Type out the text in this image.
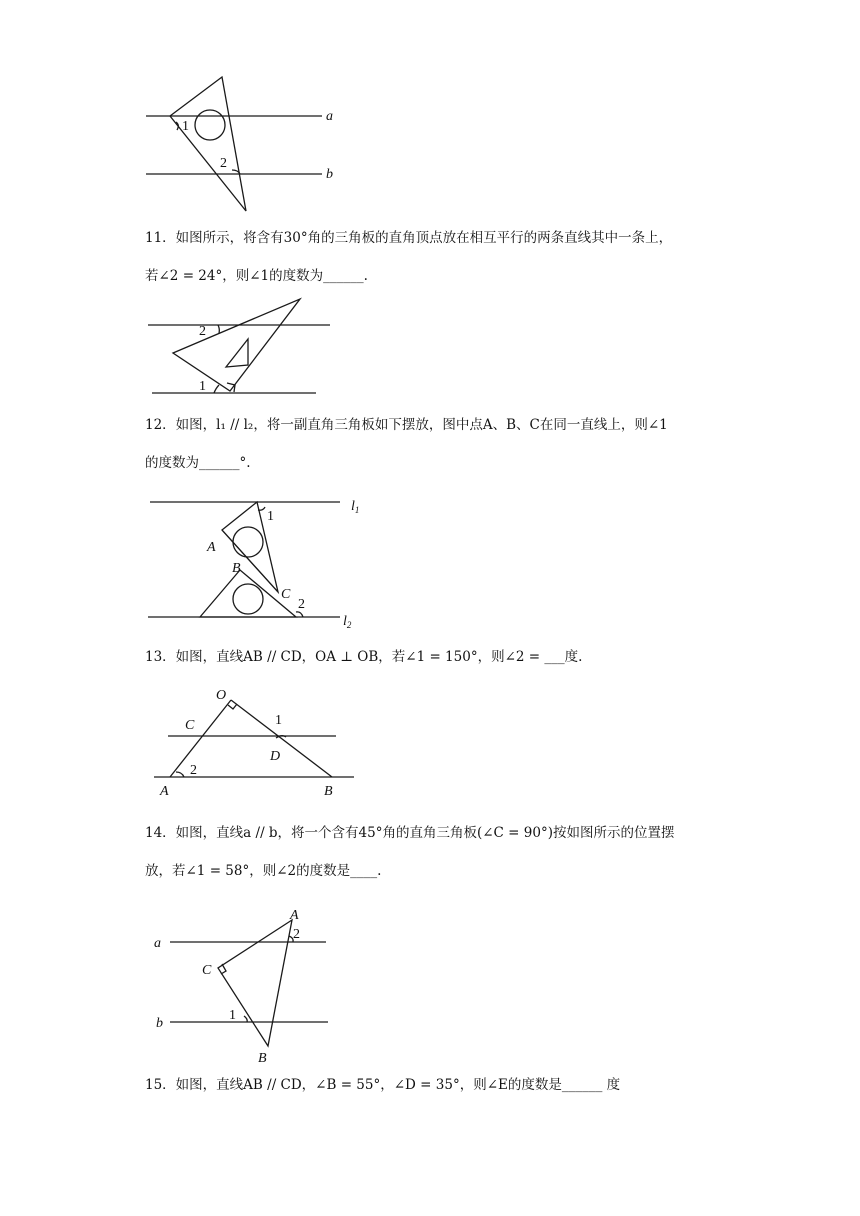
a
b
1
2
11．如图所示，将含有30°角的三角板的直角顶点放在相互平行的两条直线其中一条上，
若∠2 = 24°，则∠1的度数为______.
2
1
12．如图，l₁ // l₂，将一副直角三角板如下摆放，图中点A、B、C在同一直线上，则∠1
的度数为______°.
$l_1$
$l_2$
A
B
C
1
2
13．如图，直线AB // CD，OA ⊥ OB，若∠1 = 150°，则∠2 = ___度.
O
C
D
A	B
1
2
14．如图，直线a // b，将一个含有45°角的直角三角板(∠C = 90°)按如图所示的位置摆
放，若∠1 = 58°，则∠2的度数是____.
a
b
A
C
B
1
2
15．如图，直线AB // CD，∠B = 55°，∠D = 35°，则∠E的度数是______ 度
